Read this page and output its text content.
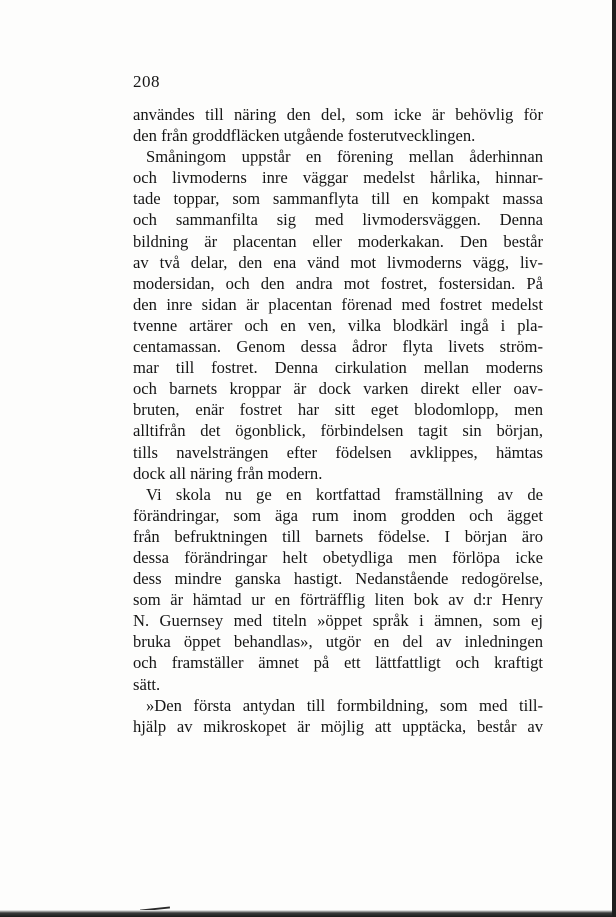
208
användes till näring den del, som icke är behövlig för
den från groddfläcken utgående fosterutvecklingen.
Småningom uppstår en förening mellan åderhinnan
och livmoderns inre väggar medelst hårlika, hinnar-
tade toppar, som sammanflyta till en kompakt massa
och sammanfilta sig med livmodersväggen. Denna
bildning är placentan eller moderkakan. Den består
av två delar, den ena vänd mot livmoderns vägg, liv-
modersidan, och den andra mot fostret, fostersidan. På
den inre sidan är placentan förenad med fostret medelst
tvenne artärer och en ven, vilka blodkärl ingå i pla-
centamassan. Genom dessa ådror flyta livets ström-
mar till fostret. Denna cirkulation mellan moderns
och barnets kroppar är dock varken direkt eller oav-
bruten, enär fostret har sitt eget blodomlopp, men
alltifrån det ögonblick, förbindelsen tagit sin början,
tills navelsträngen efter födelsen avklippes, hämtas
dock all näring från modern.
Vi skola nu ge en kortfattad framställning av de
förändringar, som äga rum inom grodden och ägget
från befruktningen till barnets födelse. I början äro
dessa förändringar helt obetydliga men förlöpa icke
dess mindre ganska hastigt. Nedanstående redogörelse,
som är hämtad ur en förträfflig liten bok av d:r Henry
N. Guernsey med titeln »öppet språk i ämnen, som ej
bruka öppet behandlas», utgör en del av inledningen
och framställer ämnet på ett lättfattligt och kraftigt
sätt.
»Den första antydan till formbildning, som med till-
hjälp av mikroskopet är möjlig att upptäcka, består av
